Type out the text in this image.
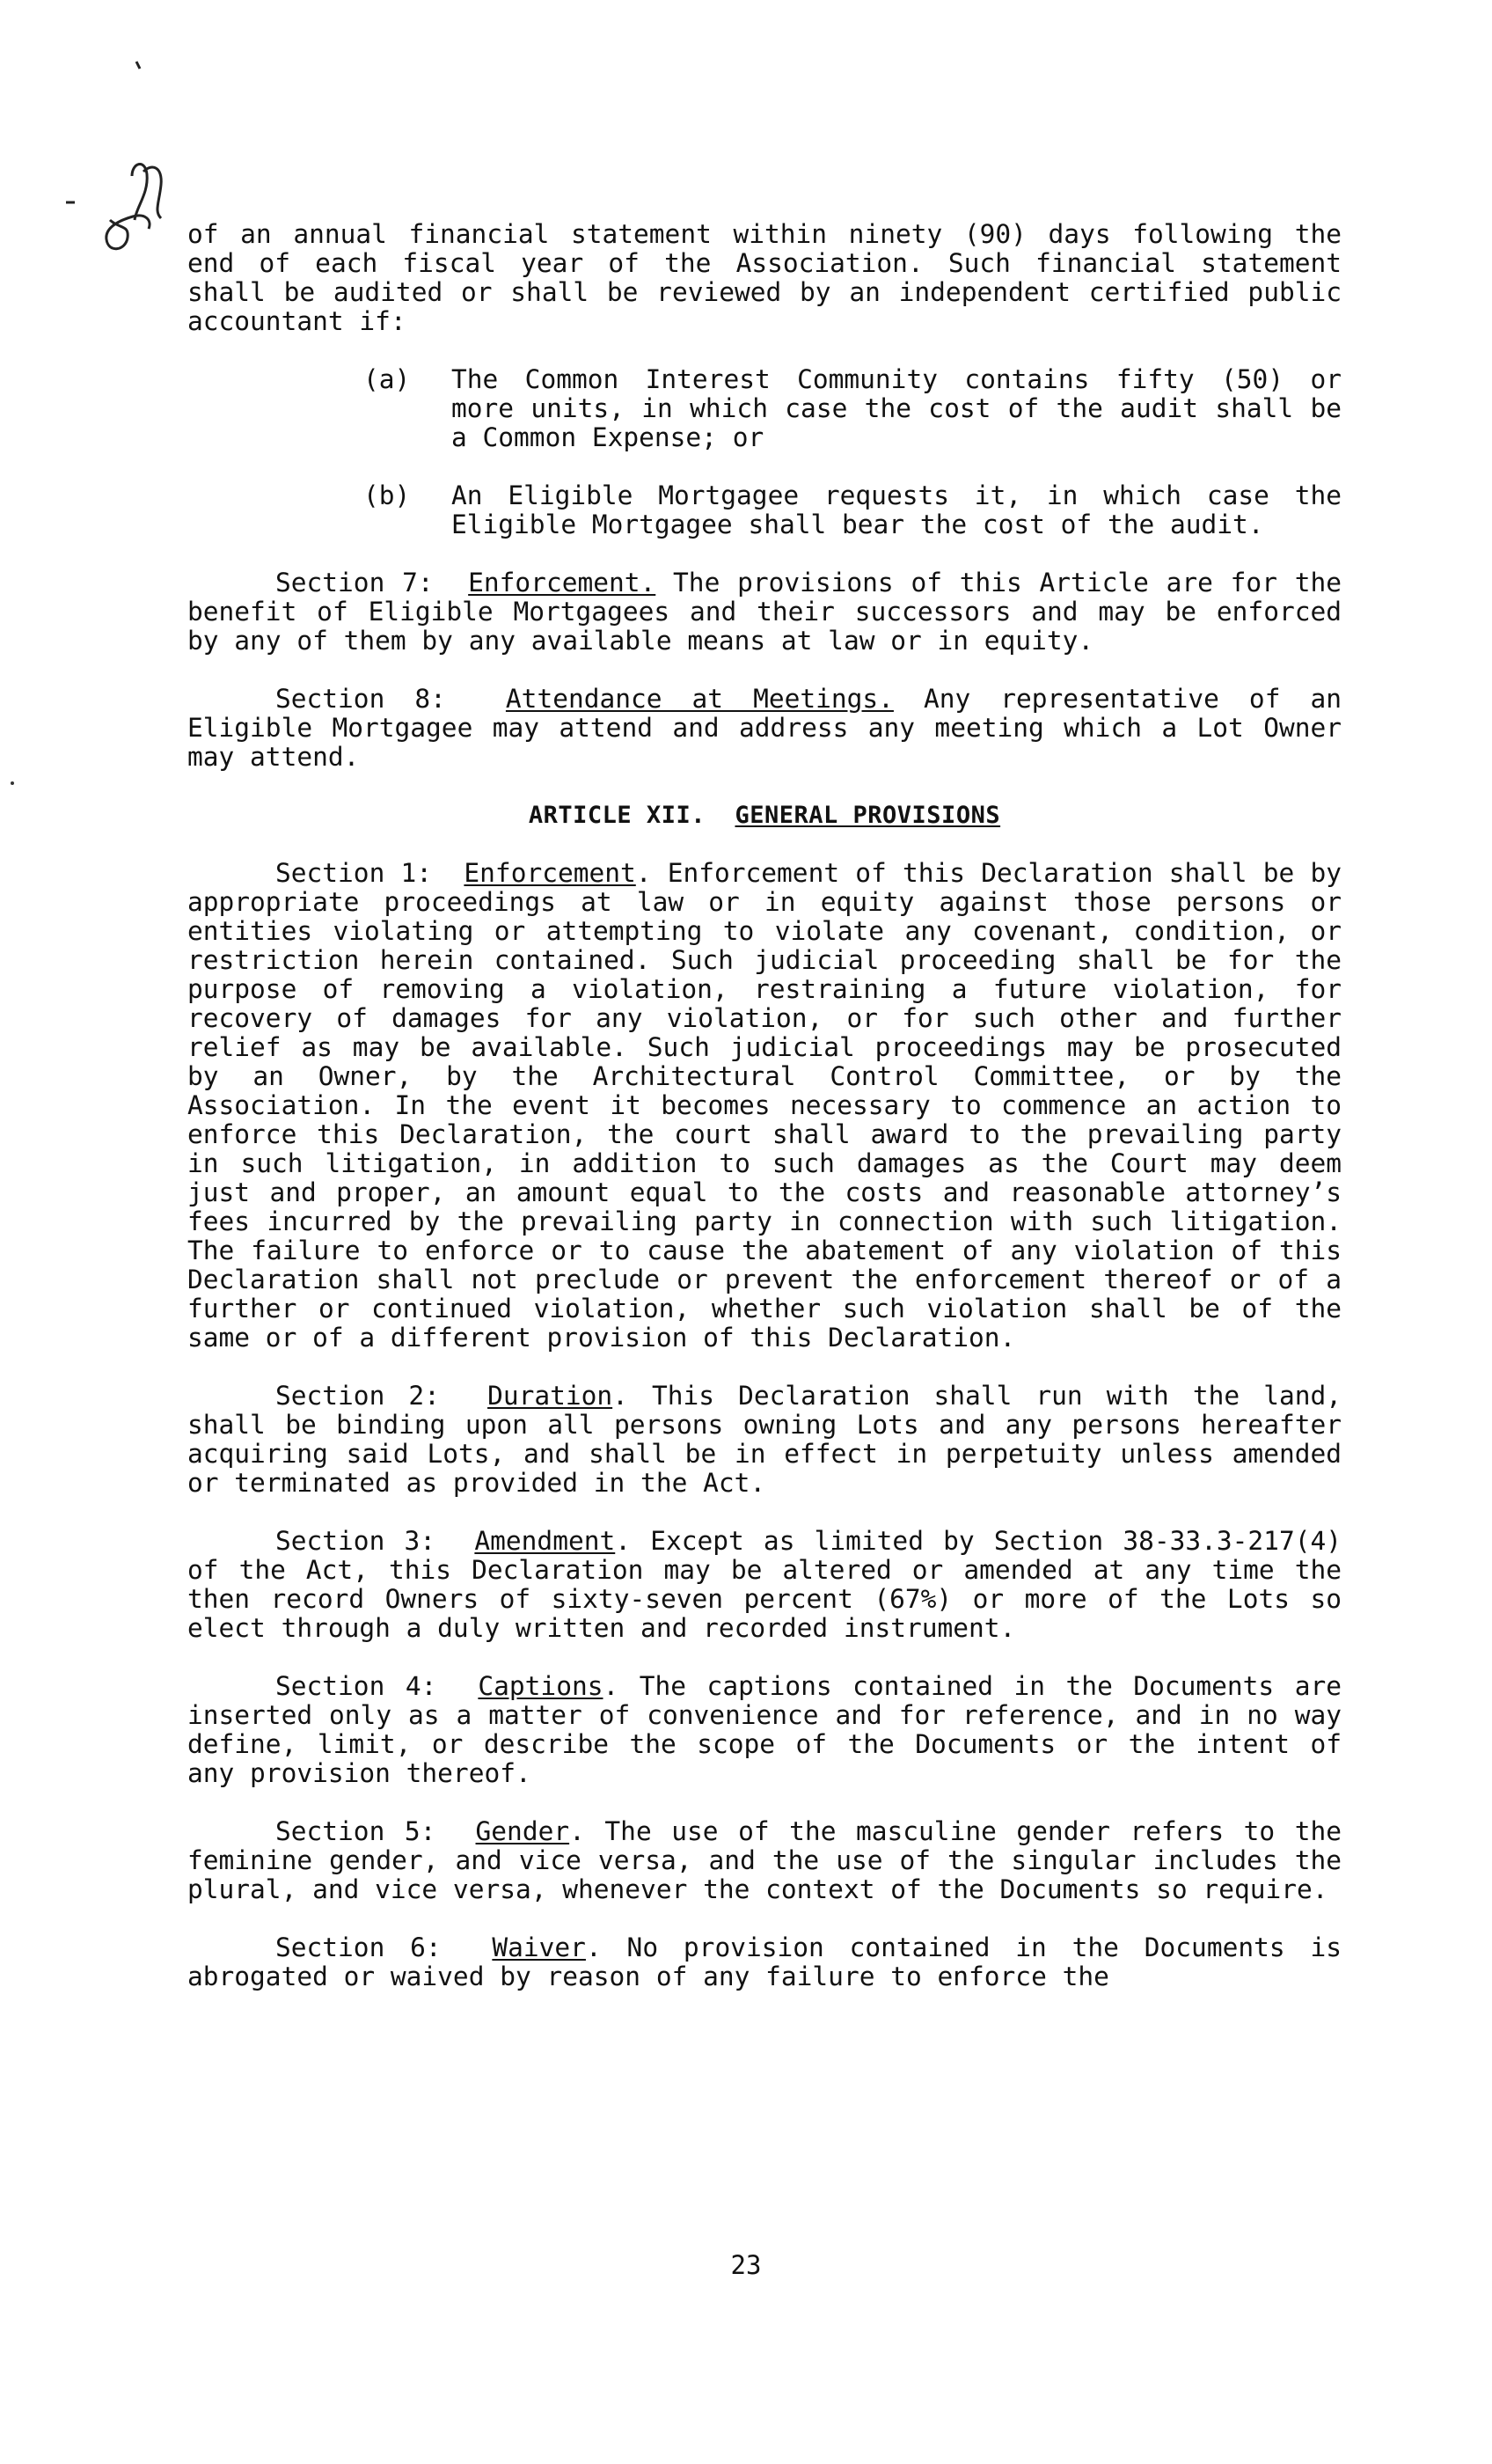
of an annual financial statement within ninety (90) days following the end of each fiscal year of the Association. Such financial statement shall be audited or shall be reviewed by an independent certified public accountant if:

(a)	The Common Interest Community contains fifty (50) or more units, in which case the cost of the audit shall be a Common Expense; or
(b)	An Eligible Mortgagee requests it, in which case the Eligible Mortgagee shall bear the cost of the audit.

Section 7: Enforcement. The provisions of this Article are for the benefit of Eligible Mortgagees and their successors and may be enforced by any of them by any available means at law or in equity.

Section 8: Attendance at Meetings. Any representative of an Eligible Mortgagee may attend and address any meeting which a Lot Owner may attend.

ARTICLE XII. GENERAL PROVISIONS

Section 1: Enforcement. Enforcement of this Declaration shall be by appropriate proceedings at law or in equity against those persons or entities violating or attempting to violate any covenant, condition, or restriction herein contained. Such judicial proceeding shall be for the purpose of removing a violation, restraining a future violation, for recovery of damages for any violation, or for such other and further relief as may be available. Such judicial proceedings may be prosecuted by an Owner, by the Architectural Control Committee, or by the Association. In the event it becomes necessary to commence an action to enforce this Declaration, the court shall award to the prevailing party in such litigation, in addition to such damages as the Court may deem just and proper, an amount equal to the costs and reasonable attorney’s fees incurred by the prevailing party in connection with such litigation. The failure to enforce or to cause the abatement of any violation of this Declaration shall not preclude or prevent the enforcement thereof or of a further or continued violation, whether such violation shall be of the same or of a different provision of this Declaration.

Section 2: Duration. This Declaration shall run with the land, shall be binding upon all persons owning Lots and any persons hereafter acquiring said Lots, and shall be in effect in perpetuity unless amended or terminated as provided in the Act.

Section 3: Amendment. Except as limited by Section 38-33.3-217(4) of the Act, this Declaration may be altered or amended at any time the then record Owners of sixty-seven percent (67%) or more of the Lots so elect through a duly written and recorded instrument.

Section 4: Captions. The captions contained in the Documents are inserted only as a matter of convenience and for reference, and in no way define, limit, or describe the scope of the Documents or the intent of any provision thereof.

Section 5: Gender. The use of the masculine gender refers to the feminine gender, and vice versa, and the use of the singular includes the plural, and vice versa, whenever the context of the Documents so require.

Section 6: Waiver. No provision contained in the Documents is abrogated or waived by reason of any failure to enforce the

23
